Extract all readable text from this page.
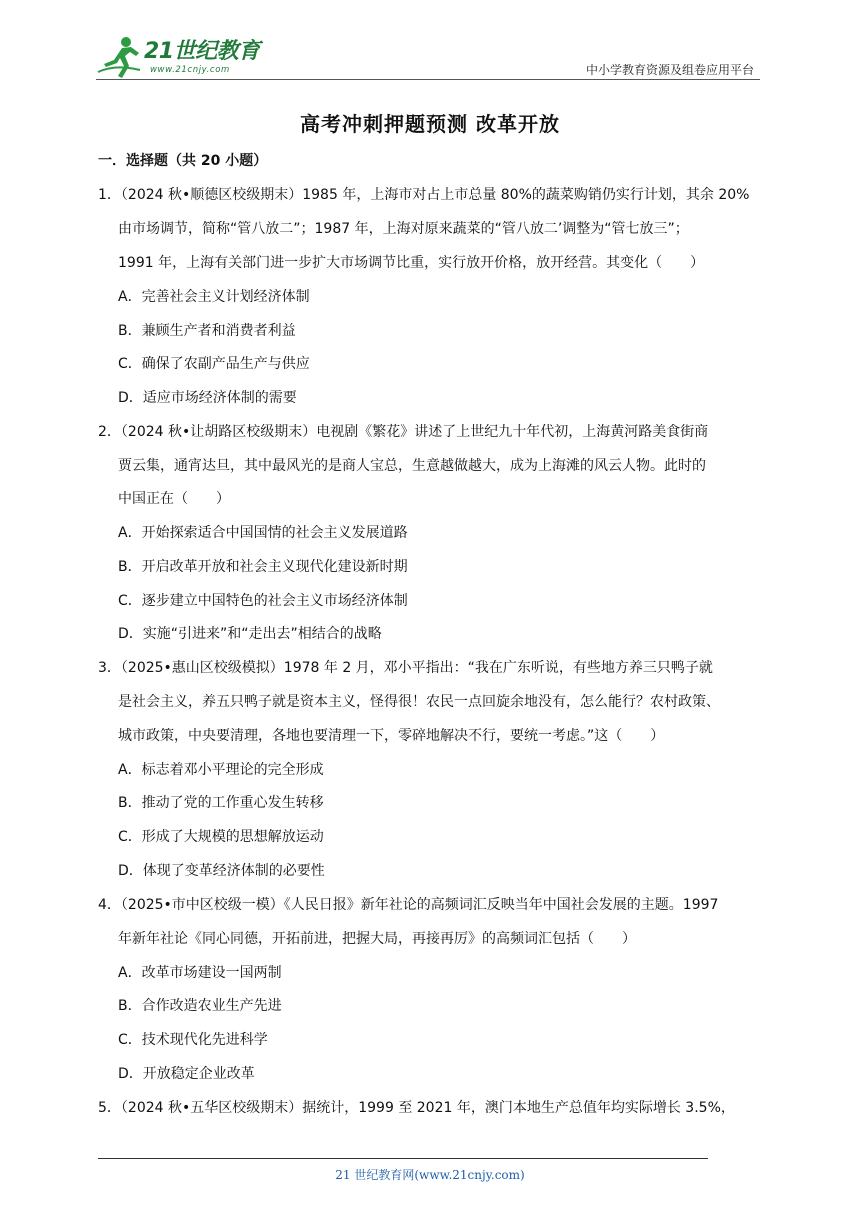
21世纪教育
www.21cnjy.com	中小学教育资源及组卷应用平台
高考冲刺押题预测 改革开放
一．选择题（共 20 小题）
1．（2024 秋•顺德区校级期末）1985 年，上海市对占上市总量 80%的蔬菜购销仍实行计划，其余 20%
由市场调节，简称“管八放二”；1987 年，上海对原来蔬菜的“管八放二’调整为“管七放三”；
1991 年，上海有关部门进一步扩大市场调节比重，实行放开价格，放开经营。其变化（　　）
A．完善社会主义计划经济体制
B．兼顾生产者和消费者利益
C．确保了农副产品生产与供应
D．适应市场经济体制的需要
2．（2024 秋•让胡路区校级期末）电视剧《繁花》讲述了上世纪九十年代初，上海黄河路美食街商
贾云集，通宵达旦，其中最风光的是商人宝总，生意越做越大，成为上海滩的风云人物。此时的
中国正在（　　）
A．开始探索适合中国国情的社会主义发展道路
B．开启改革开放和社会主义现代化建设新时期
C．逐步建立中国特色的社会主义市场经济体制
D．实施“引进来”和“走出去”相结合的战略
3．（2025•惠山区校级模拟）1978 年 2 月，邓小平指出：“我在广东听说，有些地方养三只鸭子就
是社会主义，养五只鸭子就是资本主义，怪得很！农民一点回旋余地没有，怎么能行？农村政策、
城市政策，中央要清理，各地也要清理一下，零碎地解决不行，要统一考虑。”这（　　）
A．标志着邓小平理论的完全形成
B．推动了党的工作重心发生转移
C．形成了大规模的思想解放运动
D．体现了变革经济体制的必要性
4．（2025•市中区校级一模）《人民日报》新年社论的高频词汇反映当年中国社会发展的主题。1997
年新年社论《同心同德，开拓前进，把握大局，再接再厉》的高频词汇包括（　　）
A．改革市场建设一国两制
B．合作改造农业生产先进
C．技术现代化先进科学
D．开放稳定企业改革
5．（2024 秋•五华区校级期末）据统计，1999 至 2021 年，澳门本地生产总值年均实际增长 3.5%，
21 世纪教育网(www.21cnjy.com)
